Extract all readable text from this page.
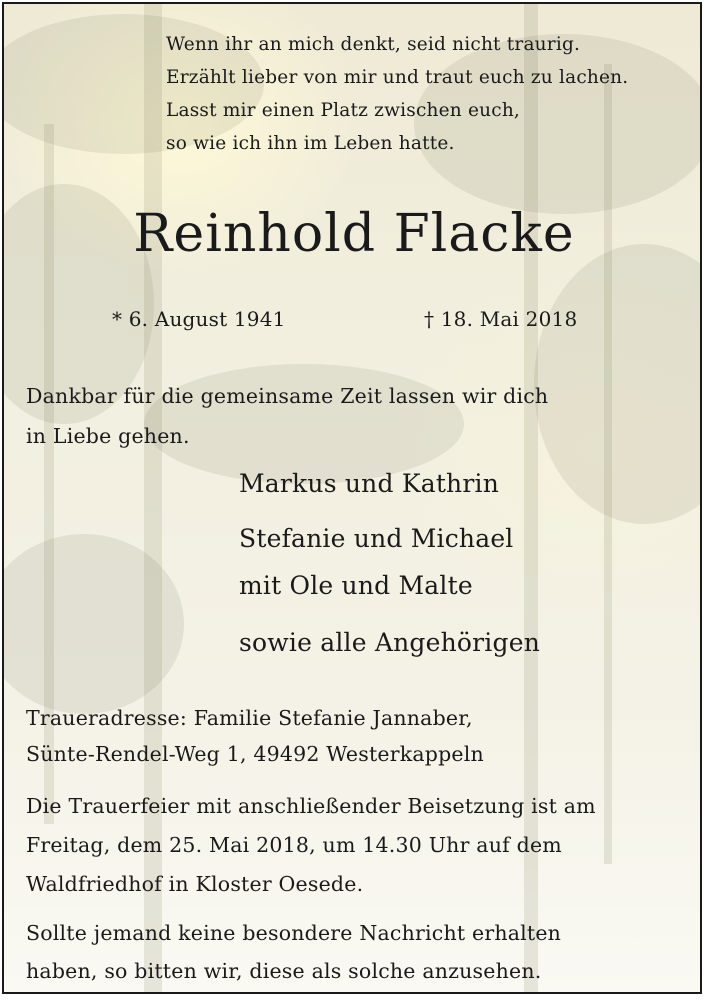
Wenn ihr an mich denkt, seid nicht traurig.
Erzählt lieber von mir und traut euch zu lachen.
Lasst mir einen Platz zwischen euch,
so wie ich ihn im Leben hatte.
Reinhold Flacke
* 6. August 1941	† 18. Mai 2018
Dankbar für die gemeinsame Zeit lassen wir dich
in Liebe gehen.
Markus und Kathrin
Stefanie und Michael
mit Ole und Malte
sowie alle Angehörigen
Traueradresse: Familie Stefanie Jannaber,
Sünte-Rendel-Weg 1, 49492 Westerkappeln
Die Trauerfeier mit anschließender Beisetzung ist am
Freitag, dem 25. Mai 2018, um 14.30 Uhr auf dem
Waldfriedhof in Kloster Oesede.
Sollte jemand keine besondere Nachricht erhalten
haben, so bitten wir, diese als solche anzusehen.
